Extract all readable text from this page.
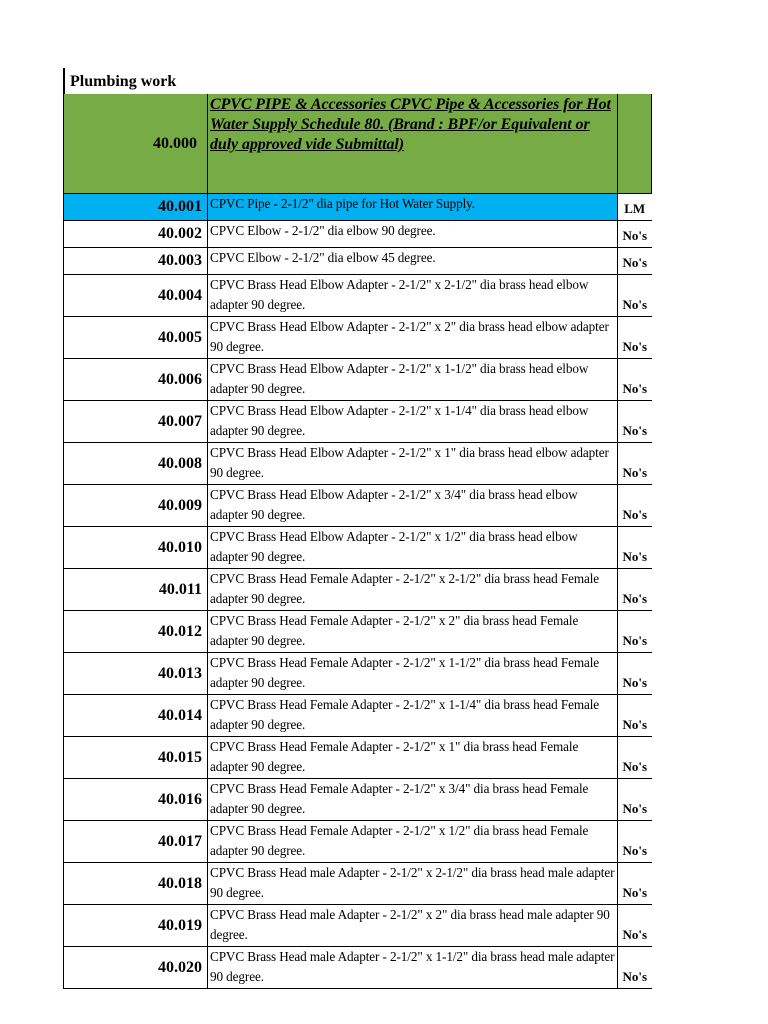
Plumbing work
40.000	CPVC PIPE & Accessories CPVC Pipe & Accessories for Hot Water Supply Schedule 80. (Brand : BPF/or Equivalent or duly approved vide Submittal)	
40.001	CPVC Pipe - 2-1/2" dia pipe for Hot Water Supply.	LM
40.002	CPVC Elbow - 2-1/2" dia elbow 90 degree.	No's
40.003	CPVC Elbow - 2-1/2" dia elbow 45 degree.	No's
40.004	CPVC Brass Head Elbow Adapter - 2-1/2" x 2-1/2" dia brass head elbow adapter 90 degree.	No's
40.005	CPVC Brass Head Elbow Adapter - 2-1/2" x 2" dia brass head elbow adapter 90 degree.	No's
40.006	CPVC Brass Head Elbow Adapter - 2-1/2" x 1-1/2" dia brass head elbow adapter 90 degree.	No's
40.007	CPVC Brass Head Elbow Adapter - 2-1/2" x 1-1/4" dia brass head elbow adapter 90 degree.	No's
40.008	CPVC Brass Head Elbow Adapter - 2-1/2" x 1" dia brass head elbow adapter 90 degree.	No's
40.009	CPVC Brass Head Elbow Adapter - 2-1/2" x 3/4" dia brass head elbow adapter 90 degree.	No's
40.010	CPVC Brass Head Elbow Adapter - 2-1/2" x 1/2" dia brass head elbow adapter 90 degree.	No's
40.011	CPVC Brass Head Female Adapter - 2-1/2" x 2-1/2" dia brass head Female adapter 90 degree.	No's
40.012	CPVC Brass Head Female Adapter - 2-1/2" x 2" dia brass head Female adapter 90 degree.	No's
40.013	CPVC Brass Head Female Adapter - 2-1/2" x 1-1/2" dia brass head Female adapter 90 degree.	No's
40.014	CPVC Brass Head Female Adapter - 2-1/2" x 1-1/4" dia brass head Female adapter 90 degree.	No's
40.015	CPVC Brass Head Female Adapter - 2-1/2" x 1" dia brass head Female adapter 90 degree.	No's
40.016	CPVC Brass Head Female Adapter - 2-1/2" x 3/4" dia brass head Female adapter 90 degree.	No's
40.017	CPVC Brass Head Female Adapter - 2-1/2" x 1/2" dia brass head Female adapter 90 degree.	No's
40.018	CPVC Brass Head male Adapter - 2-1/2" x 2-1/2" dia brass head male adapter 90 degree.	No's
40.019	CPVC Brass Head male Adapter - 2-1/2" x 2" dia brass head male adapter 90 degree.	No's
40.020	CPVC Brass Head male Adapter - 2-1/2" x 1-1/2" dia brass head male adapter 90 degree.	No's
